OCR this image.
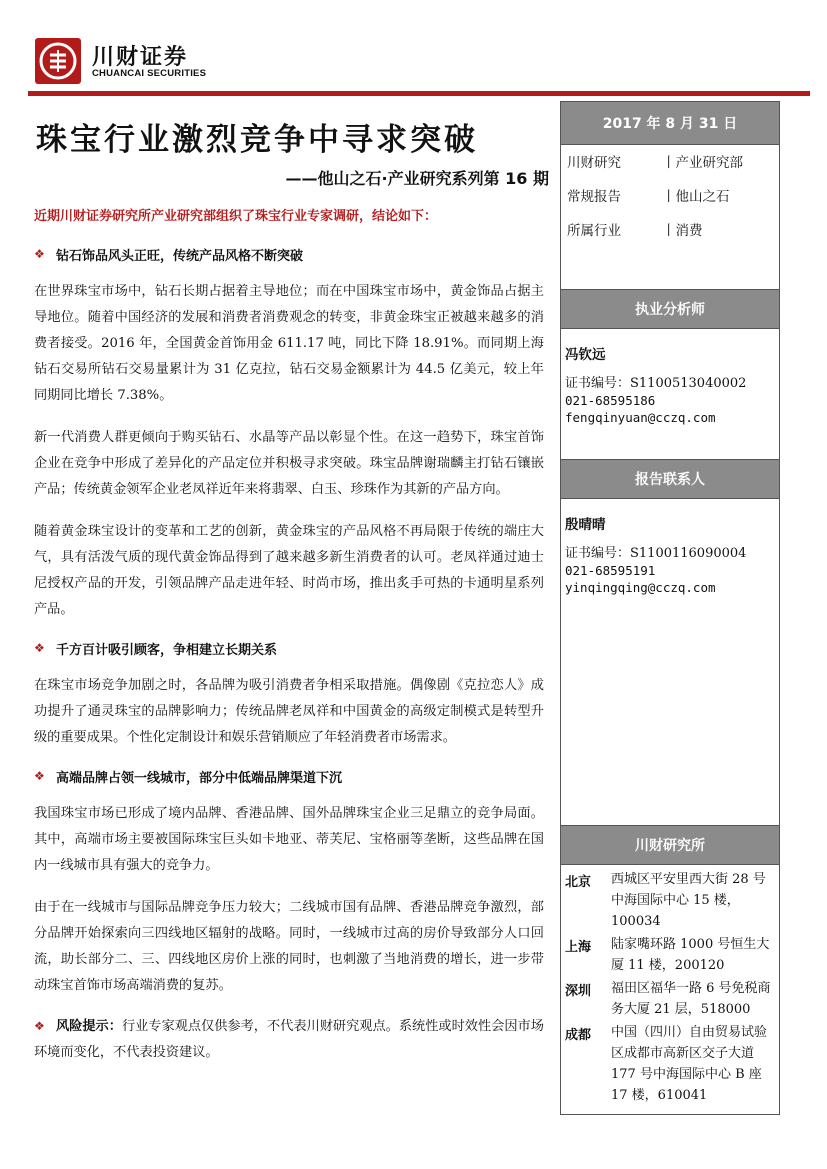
川财证券
CHUANCAI SECURITIES
珠宝行业激烈竞争中寻求突破
——他山之石·产业研究系列第 16 期
近期川财证券研究所产业研究部组织了珠宝行业专家调研，结论如下：
❖ 钻石饰品风头正旺，传统产品风格不断突破

在世界珠宝市场中，钻石长期占据着主导地位；而在中国珠宝市场中，黄金饰品占据主导地位。随着中国经济的发展和消费者消费观念的转变，非黄金珠宝正被越来越多的消费者接受。2016 年，全国黄金首饰用金 611.17 吨，同比下降 18.91%。而同期上海钻石交易所钻石交易量累计为 31 亿克拉，钻石交易金额累计为 44.5 亿美元，较上年同期同比增长 7.38%。

新一代消费人群更倾向于购买钻石、水晶等产品以彰显个性。在这一趋势下，珠宝首饰企业在竞争中形成了差异化的产品定位并积极寻求突破。珠宝品牌谢瑞麟主打钻石镶嵌产品；传统黄金领军企业老凤祥近年来将翡翠、白玉、珍珠作为其新的产品方向。

随着黄金珠宝设计的变革和工艺的创新，黄金珠宝的产品风格不再局限于传统的端庄大气，具有活泼气质的现代黄金饰品得到了越来越多新生消费者的认可。老凤祥通过迪士尼授权产品的开发，引领品牌产品走进年轻、时尚市场，推出炙手可热的卡通明星系列产品。

❖ 千方百计吸引顾客，争相建立长期关系

在珠宝市场竞争加剧之时，各品牌为吸引消费者争相采取措施。偶像剧《克拉恋人》成功提升了通灵珠宝的品牌影响力；传统品牌老凤祥和中国黄金的高级定制模式是转型升级的重要成果。个性化定制设计和娱乐营销顺应了年轻消费者市场需求。

❖ 高端品牌占领一线城市，部分中低端品牌渠道下沉

我国珠宝市场已形成了境内品牌、香港品牌、国外品牌珠宝企业三足鼎立的竞争局面。其中，高端市场主要被国际珠宝巨头如卡地亚、蒂芙尼、宝格丽等垄断，这些品牌在国内一线城市具有强大的竞争力。

由于在一线城市与国际品牌竞争压力较大；二线城市国有品牌、香港品牌竞争激烈，部分品牌开始探索向三四线地区辐射的战略。同时，一线城市过高的房价导致部分人口回流，助长部分二、三、四线地区房价上涨的同时，也刺激了当地消费的增长，进一步带动珠宝首饰市场高端消费的复苏。

❖ 风险提示：行业专家观点仅供参考，不代表川财研究观点。系统性或时效性会因市场环境而变化，不代表投资建议。

2017 年 8 月 31 日
川财研究	丨产业研究部
常规报告	丨他山之石
所属行业	丨消费
执业分析师
冯钦远
证书编号：S1100513040002
021-68595186
fengqinyuan@cczq.com
报告联系人
殷晴晴
证书编号：S1100116090004
021-68595191
yinqingqing@cczq.com
川财研究所
北京	西城区平安里西大街 28 号中海国际中心 15 楼，100034
上海	陆家嘴环路 1000 号恒生大厦 11 楼，200120
深圳	福田区福华一路 6 号免税商务大厦 21 层，518000
成都	中国（四川）自由贸易试验区成都市高新区交子大道 177 号中海国际中心 B 座 17 楼，610041
